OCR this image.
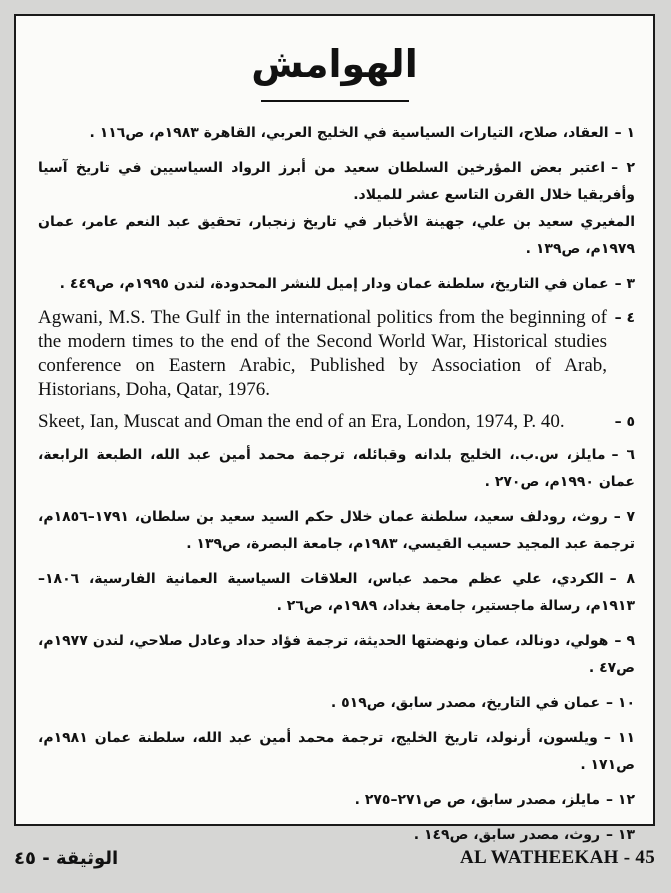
الهوامش
١ –العقاد، صلاح، التيارات السياسية في الخليج العربي، القاهرة ١٩٨٣م، ص١١٦ .
٢ –اعتبر بعض المؤرخين السلطان سعيد من أبرز الرواد السياسيين في تاريخ آسيا وأفريقيا خلال القرن التاسع عشر للميلاد.
المغيري سعيد بن علي، جهينة الأخبار في تاريخ زنجبار، تحقيق عبد النعم عامر، عمان ١٩٧٩م، ص١٣٩ .
٣ –عمان في التاريخ، سلطنة عمان ودار إميل للنشر المحدودة، لندن ١٩٩٥م، ص٤٤٩ .
Agwani, M.S. The Gulf in the international politics from the beginning of the modern times to the end of the Second World War, Historical studies conference on Eastern Arabic, Published by Association of Arab, Historians, Doha, Qatar, 1976.
– ٤
Skeet, Ian, Muscat and Oman the end of an Era, London, 1974, P. 40.	– ٥
٦ –مايلز، س.ب.، الخليج بلدانه وقبائله، ترجمة محمد أمين عبد الله، الطبعة الرابعة، عمان ١٩٩٠م، ص٢٧٠ .
٧ –روث، رودلف سعيد، سلطنة عمان خلال حكم السيد سعيد بن سلطان، ١٧٩١–١٨٥٦م، ترجمة عبد المجيد حسيب القيسي، ١٩٨٣م، جامعة البصرة، ص١٣٩ .
٨ –الكردي، علي عظم محمد عباس، العلاقات السياسية العمانية الفارسية، ١٨٠٦–١٩١٣م، رسالة ماجستير، جامعة بغداد، ١٩٨٩م، ص٢٦ .
٩ –هولي، دونالد، عمان ونهضتها الحديثة، ترجمة فؤاد حداد وعادل صلاحي، لندن ١٩٧٧م، ص٤٧ .
١٠ –عمان في التاريخ، مصدر سابق، ص٥١٩ .
١١ –ويلسون، أرنولد، تاريخ الخليج، ترجمة محمد أمين عبد الله، سلطنة عمان ١٩٨١م، ص١٧١ .
١٢ –مايلز، مصدر سابق، ص ص٢٧١–٢٧٥ .
١٣ –روث، مصدر سابق، ص١٤٩ .
الوثيقة - ٤٥	AL WATHEEKAH - 45
